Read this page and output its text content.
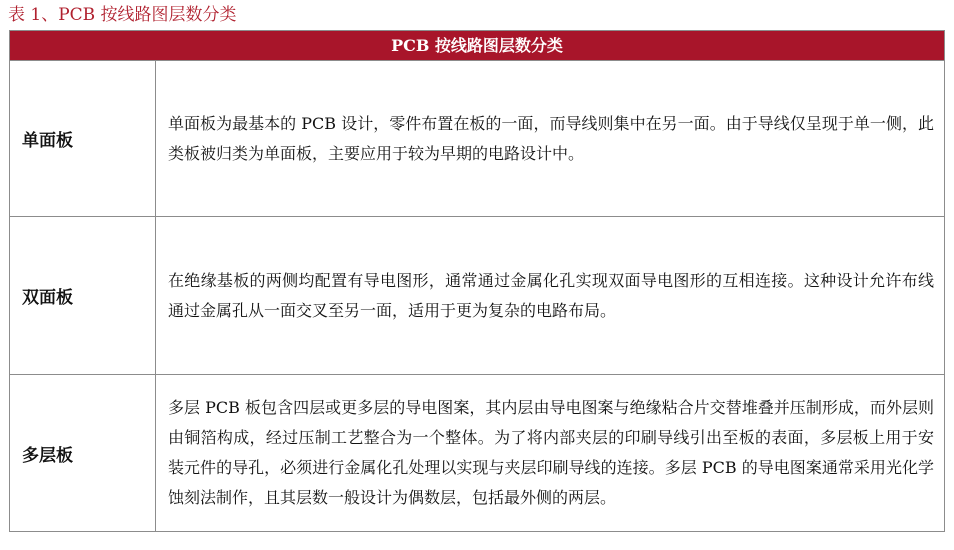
表 1、PCB 按线路图层数分类
PCB 按线路图层数分类
单面板
单面板为最基本的 PCB 设计，零件布置在板的一面，而导线则集中在另一面。由于导线仅呈现于单一侧，此类板被归类为单面板，主要应用于较为早期的电路设计中。
双面板
在绝缘基板的两侧均配置有导电图形，通常通过金属化孔实现双面导电图形的互相连接。这种设计允许布线通过金属孔从一面交叉至另一面，适用于更为复杂的电路布局。
多层板
多层 PCB 板包含四层或更多层的导电图案，其内层由导电图案与绝缘粘合片交替堆叠并压制形成，而外层则由铜箔构成，经过压制工艺整合为一个整体。为了将内部夹层的印刷导线引出至板的表面，多层板上用于安装元件的导孔，必须进行金属化孔处理以实现与夹层印刷导线的连接。多层 PCB 的导电图案通常采用光化学蚀刻法制作，且其层数一般设计为偶数层，包括最外侧的两层。
